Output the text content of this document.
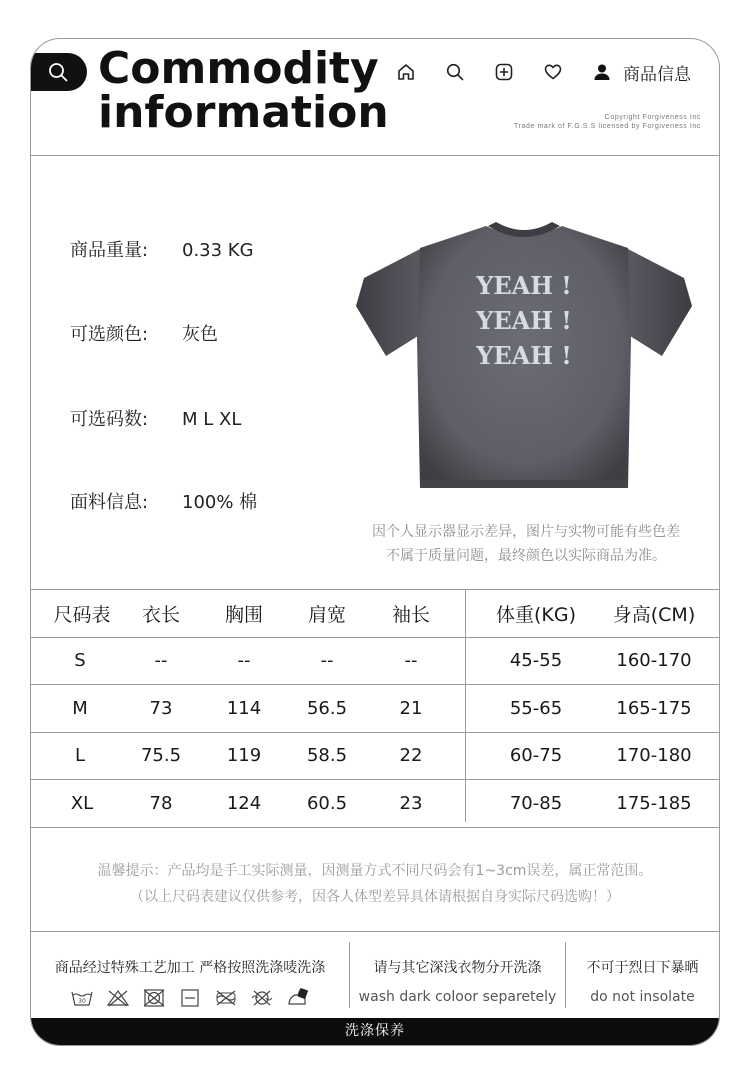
Commodity
information
商品信息
Copyright Forgiveness Inc
Trade mark of F.G.S.S licensed by Forgiveness Inc
商品重量: 0.33 KG
可选颜色: 灰色
可选码数: M L XL
面料信息: 100% 棉
YEAH !
YEAH !
YEAH !
因个人显示器显示差异，图片与实物可能有些色差
不属于质量问题，最终颜色以实际商品为准。
尺码表	衣长	胸围	肩宽	袖长	体重(KG)	身高(CM)
S	--	--	--	--	45-55	160-170
M	73	114	56.5	21	55-65	165-175
L	75.5	119	58.5	22	60-75	170-180
XL	78	124	60.5	23	70-85	175-185

温馨提示：产品均是手工实际测量，因测量方式不同尺码会有1~3cm误差，属正常范围。

（以上尺码表建议仅供参考，因各人体型差异具体请根据自身实际尺码选购！）

商品经过特殊工艺加工 严格按照洗涤唛洗涤
30
请与其它深浅衣物分开洗涤
wash dark coloor separetely
不可于烈日下暴晒
do not insolate
洗涤保养
